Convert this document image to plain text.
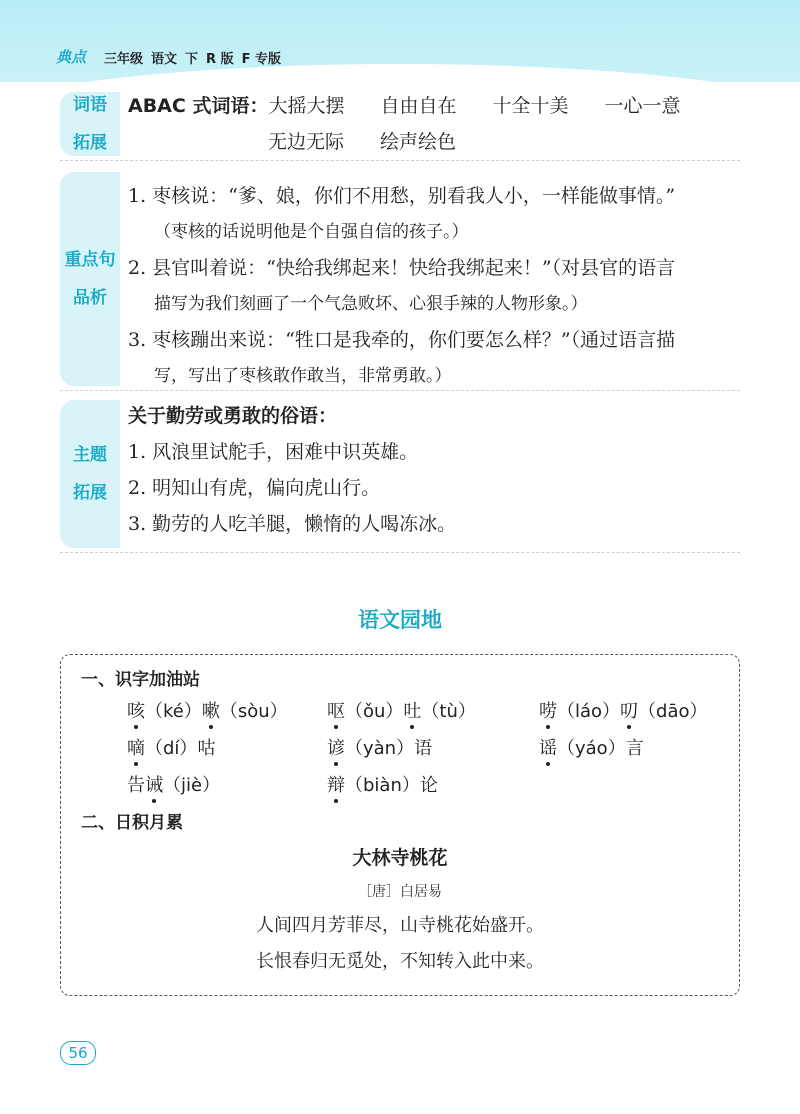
典点 三年级 语文 下 R 版 F 专版
词语
拓展
ABAC 式词语：大摇大摆 自由自在 十全十美 一心一意
无边无际 绘声绘色
重点句
品析
1. 枣核说：“爹、娘，你们不用愁，别看我人小，一样能做事情。”
（枣核的话说明他是个自强自信的孩子。）
2. 县官叫着说：“快给我绑起来！快给我绑起来！”（对县官的语言
描写为我们刻画了一个气急败坏、心狠手辣的人物形象。）
3. 枣核蹦出来说：“牲口是我牵的，你们要怎么样？”（通过语言描
写，写出了枣核敢作敢当，非常勇敢。）
主题
拓展
关于勤劳或勇敢的俗语：
1. 风浪里试舵手，困难中识英雄。
2. 明知山有虎，偏向虎山行。
3. 勤劳的人吃羊腿，懒惰的人喝冻冰。
语文园地
一、识字加油站
咳（ké）嗽（sòu） 呕（ǒu）吐（tù）	唠（láo）叨（dāo）
嘀（dí）咕	谚（yàn）语	谣（yáo）言
告诫（jiè）	辩（biàn）论
二、日积月累
大林寺桃花
［唐］白居易
人间四月芳菲尽，山寺桃花始盛开。
长恨春归无觅处，不知转入此中来。
56
